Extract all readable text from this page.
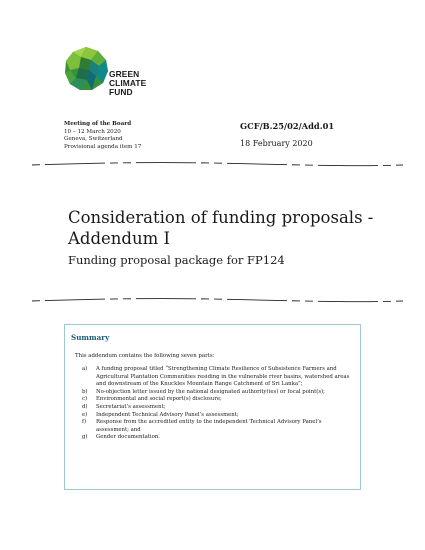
GREEN
CLIMATE
FUND
Meeting of the Board
10 – 12 March 2020
Geneva, Switzerland
Provisional agenda item 17
GCF/B.25/02/Add.01
18 February 2020
Consideration of funding proposals -
Addendum I
Funding proposal package for FP124
Summary
This addendum contains the following seven parts:
a) A funding proposal titled “Strengthening Climate Resilience of Subsistence Farmers and Agricultural Plantation Communities residing in the vulnerable river basins, watershed areas and downstream of the Knuckles Mountain Range Catchment of Sri Lanka”;
b) No-objection letter issued by the national designated authority(ies) or focal point(s);
c) Environmental and social report(s) disclosure;
d) Secretariat’s assessment;
e) Independent Technical Advisory Panel’s assessment;
f) Response from the accredited entity to the independent Technical Advisory Panel’s assessment; and
g) Gender documentation.
